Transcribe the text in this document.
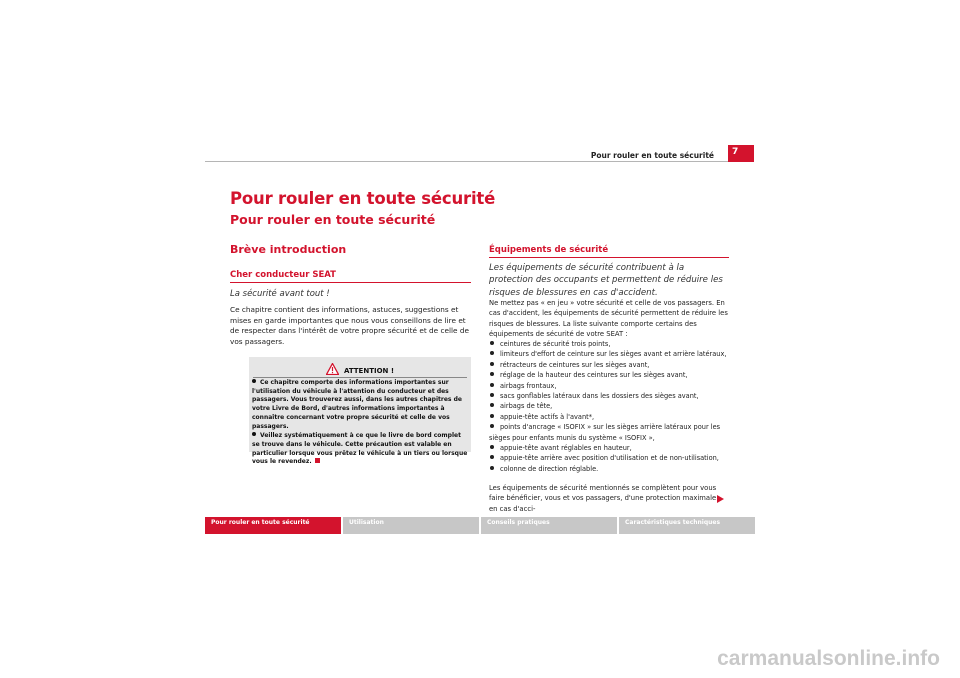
Pour rouler en toute sécurité	7
Pour rouler en toute sécurité
Pour rouler en toute sécurité
Brève introduction
Cher conducteur SEAT
La sécurité avant tout !
Ce chapitre contient des informations, astuces, suggestions et mises en garde importantes que nous vous conseillons de lire et de respecter dans l'intérêt de votre propre sécurité et de celle de vos passagers.
ATTENTION !

Ce chapitre comporte des informations importantes sur l'utilisation du véhicule à l'attention du conducteur et des passagers. Vous trouverez aussi, dans les autres chapitres de votre Livre de Bord, d'autres informations importantes à connaître concernant votre propre sécurité et celle de vos passagers.

Veillez systématiquement à ce que le livre de bord complet se trouve dans le véhicule. Cette précaution est valable en particulier lorsque vous prêtez le véhicule à un tiers ou lorsque vous le revendez.

Équipements de sécurité
Les équipements de sécurité contribuent à la protection des occupants et permettent de réduire les risques de blessures en cas d'accident.
Ne mettez pas « en jeu » votre sécurité et celle de vos passagers. En cas d'accident, les équipements de sécurité permettent de réduire les risques de blessures. La liste suivante comporte certains des équipements de sécurité de votre SEAT :
ceintures de sécurité trois points,
limiteurs d'effort de ceinture sur les sièges avant et arrière latéraux,
rétracteurs de ceintures sur les sièges avant,
réglage de la hauteur des ceintures sur les sièges avant,
airbags frontaux,
sacs gonflables latéraux dans les dossiers des sièges avant,
airbags de tête,
appuie-tête actifs à l'avant*,
points d'ancrage « ISOFIX » sur les sièges arrière latéraux pour les sièges pour enfants munis du système « ISOFIX »,
appuie-tête avant réglables en hauteur,
appuie-tête arrière avec position d'utilisation et de non-utilisation,
colonne de direction réglable.
Les équipements de sécurité mentionnés se complètent pour vous faire bénéficier, vous et vos passagers, d'une protection maximale en cas d'acci-
Pour rouler en toute sécurité	Utilisation	Conseils pratiques	Caractéristiques techniques
carmanualsonline.info
